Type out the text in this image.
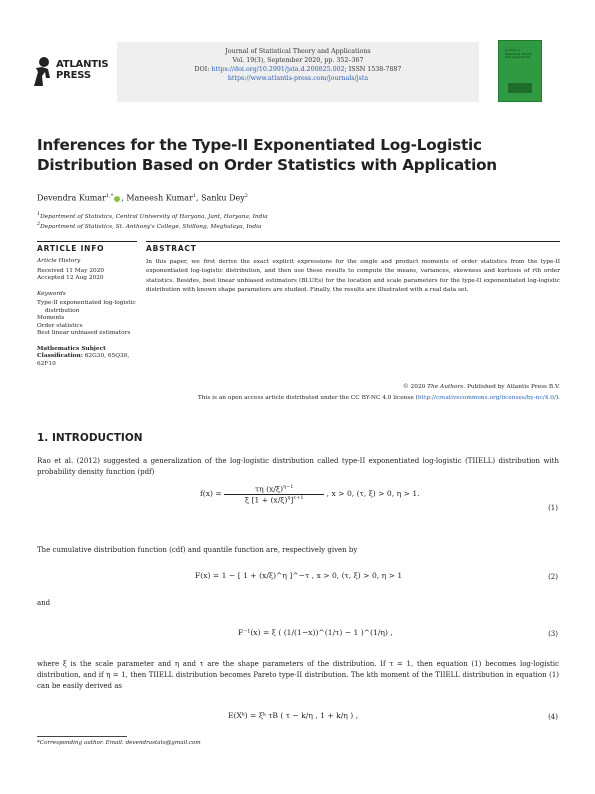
ATLANTIS
PRESS
Journal of Statistical Theory and Applications
Vol. 19(3), September 2020, pp. 352–367
DOI: https://doi.org/10.2991/jsta.d.200825.002; ISSN 1538-7887
https://www.atlantis-press.com/journals/jsta
Journal of Statistical Theory and Applications
Inferences for the Type-II Exponentiated Log-Logistic
Distribution Based on Order Statistics with Application
Devendra Kumar$^{1,*}$ , Maneesh Kumar$^1$, Sanku Dey$^2$
$^1$Department of Statistics, Central University of Haryana, Jant, Haryana, India
$^2$Department of Statistics, St. Anthony's College, Shillong, Meghalaya, India
ARTICLE INFO
Article History
Received 11 May 2020
Accepted 12 Aug 2020
Keywords
Type-II exponentiated log-logistic
distribution
Moments
Order statistics
Best linear unbiased estimators
Mathematics Subject
Classification: 62G30, 65Q30,
62F10
ABSTRACT
In this paper, we first derive the exact explicit expressions for the single and product moments of order statistics from the type-II exponentiated log-logistic distribution, and then use these results to compute the means, variances, skewness and kurtosis of rth order statistics. Besides, best linear unbiased estimators (BLUEs) for the location and scale parameters for the type-II exponentiated log-logistic distribution with known shape parameters are studied. Finally, the results are illustrated with a real data set.
© 2020 The Authors. Published by Atlantis Press B.V.
This is an open access article distributed under the CC BY-NC 4.0 license (http://creativecommons.org/licenses/by-nc/4.0/).
1. INTRODUCTION
Rao et al. (2012) suggested a generalization of the log-logistic distribution called type-II exponentiated log-logistic (TIIELL) distribution with probability density function (pdf)
$f(x) = \frac{\tau\eta (x/\xi)^{\eta-1}}{\xi [1 + (x/\xi)^\eta]^{\tau+1}}$ , x > 0, (τ, ξ) > 0, η > 1.
(1)
The cumulative distribution function (cdf) and quantile function are, respectively given by
F(x) = 1 − [ 1 + (x/ξ)^η ]^−τ , x > 0, (τ, ξ) > 0, η > 1	(2)
and
F⁻¹(x) = ξ ( (1/(1−x))^(1/τ) − 1 )^(1/η) ,	(3)
where ξ is the scale parameter and η and τ are the shape parameters of the distribution. If τ = 1, then equation (1) becomes log-logistic distribution, and if η = 1, then TIIELL distribution becomes Pareto type-II distribution. The kth moment of the TIIELL distribution in equation (1) can be easily derived as
E(Xᵏ) = ξᵏ τB ( τ − k/η , 1 + k/η ) ,	(4)
*Corresponding author. Email: devendrastats@gmail.com
